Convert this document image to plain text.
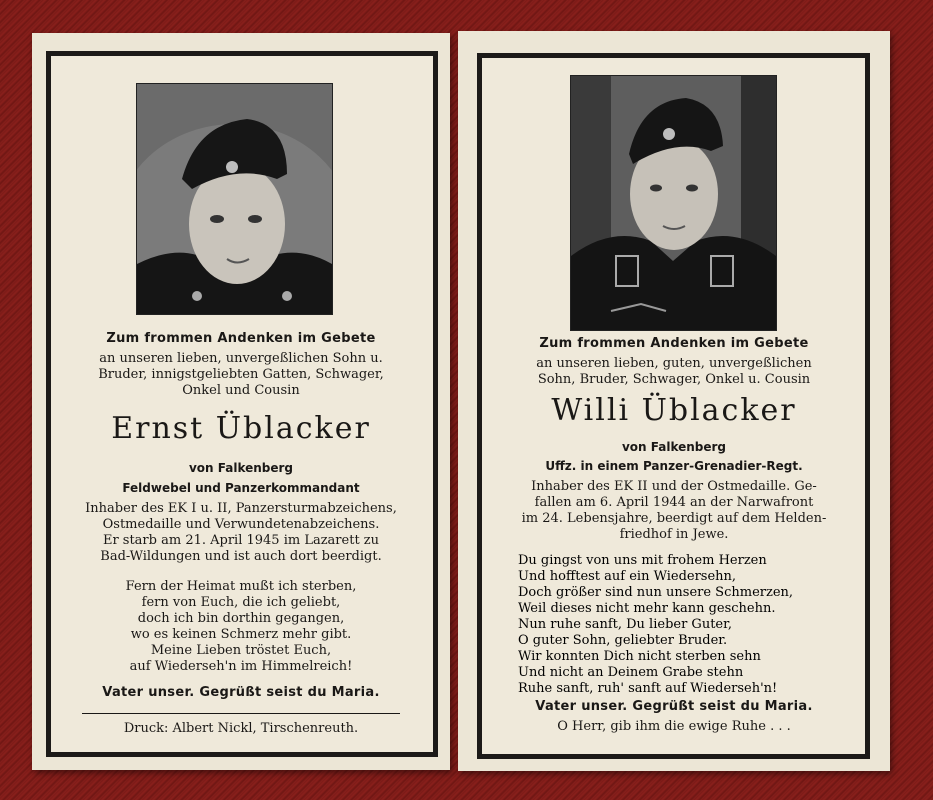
Zum frommen Andenken im Gebete
an unseren lieben, unvergeßlichen Sohn u.
Bruder, innigstgeliebten Gatten, Schwager,
Onkel und Cousin
Ernst Üblacker
von Falkenberg
Feldwebel und Panzerkommandant
Inhaber des EK I u. II, Panzersturmabzeichens,
Ostmedaille und Verwundetenabzeichens.
Er starb am 21. April 1945 im Lazarett zu
Bad-Wildungen und ist auch dort beerdigt.
Fern der Heimat mußt ich sterben,
fern von Euch, die ich geliebt,
doch ich bin dorthin gegangen,
wo es keinen Schmerz mehr gibt.
Meine Lieben tröstet Euch,
auf Wiederseh'n im Himmelreich!
Vater unser. Gegrüßt seist du Maria.
Druck: Albert Nickl, Tirschenreuth.
Zum frommen Andenken im Gebete
an unseren lieben, guten, unvergeßlichen
Sohn, Bruder, Schwager, Onkel u. Cousin
Willi Üblacker
von Falkenberg
Uffz. in einem Panzer-Grenadier-Regt.
Inhaber des EK II und der Ostmedaille. Ge-
fallen am 6. April 1944 an der Narwafront
im 24. Lebensjahre, beerdigt auf dem Helden-
friedhof in Jewe.
Du gingst von uns mit frohem Herzen
Und hofftest auf ein Wiedersehn,
Doch größer sind nun unsere Schmerzen,
Weil dieses nicht mehr kann geschehn.
Nun ruhe sanft, Du lieber Guter,
O guter Sohn, geliebter Bruder.
Wir konnten Dich nicht sterben sehn
Und nicht an Deinem Grabe stehn
Ruhe sanft, ruh' sanft auf Wiederseh'n!
Vater unser. Gegrüßt seist du Maria.
O Herr, gib ihm die ewige Ruhe . . .
